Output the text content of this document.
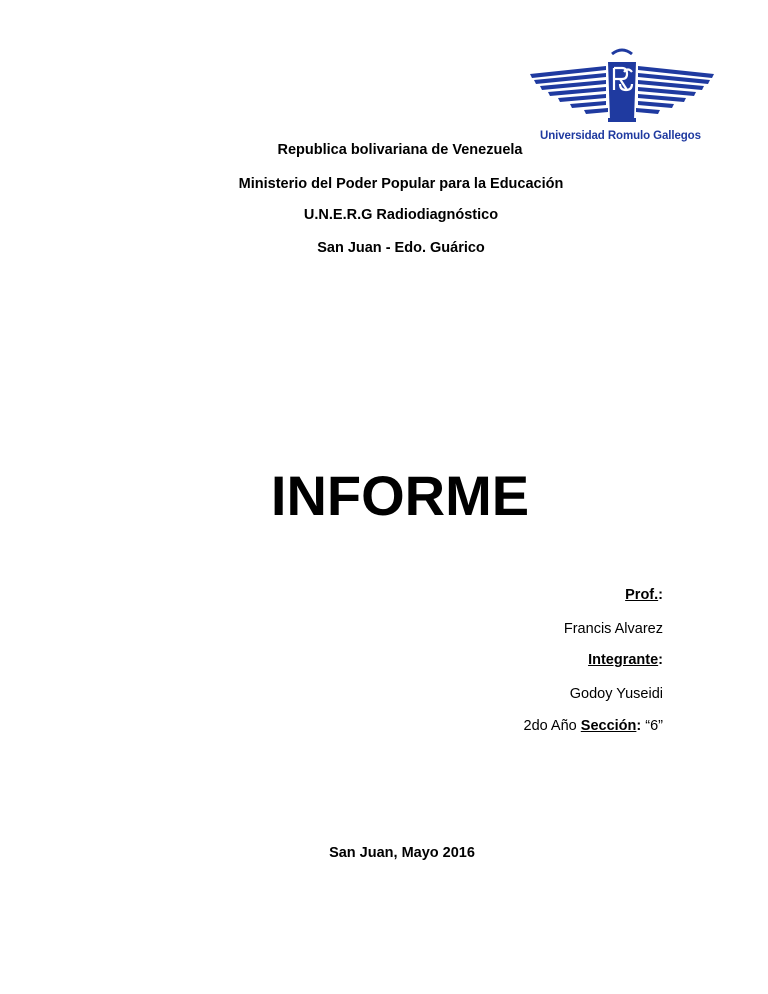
Universidad Romulo Gallegos
Republica bolivariana de Venezuela
Ministerio del Poder Popular para la Educación
U.N.E.R.G Radiodiagnóstico
San Juan - Edo. Guárico
INFORME
Prof.:
Francis Alvarez
Integrante:
Godoy Yuseidi
2do Año Sección: “6”
San Juan, Mayo 2016
